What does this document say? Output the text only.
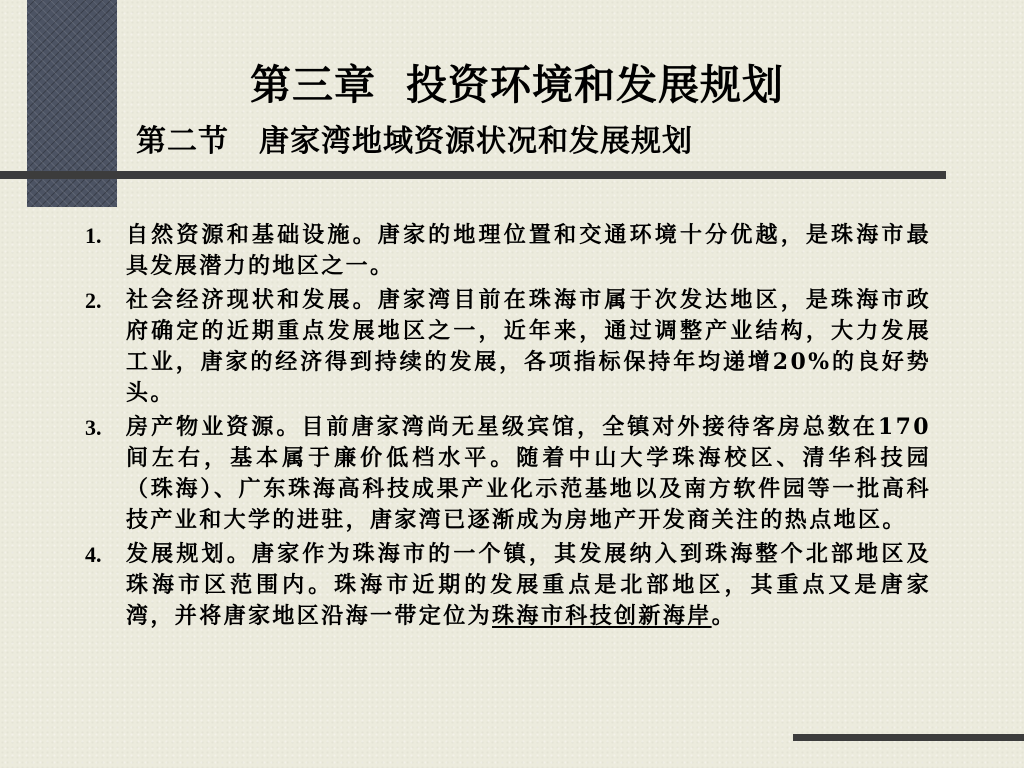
第三章 投资环境和发展规划
第二节 唐家湾地域资源状况和发展规划
1.	自然资源和基础设施。唐家的地理位置和交通环境十分优越，是珠海市最具发展潜力的地区之一。
2.	社会经济现状和发展。唐家湾目前在珠海市属于次发达地区，是珠海市政府确定的近期重点发展地区之一，近年来，通过调整产业结构，大力发展工业，唐家的经济得到持续的发展，各项指标保持年均递增20%的良好势头。
3.	房产物业资源。目前唐家湾尚无星级宾馆，全镇对外接待客房总数在170间左右，基本属于廉价低档水平。随着中山大学珠海校区、清华科技园（珠海）、广东珠海高科技成果产业化示范基地以及南方软件园等一批高科技产业和大学的进驻，唐家湾已逐渐成为房地产开发商关注的热点地区。
4.	发展规划。唐家作为珠海市的一个镇，其发展纳入到珠海整个北部地区及珠海市区范围内。珠海市近期的发展重点是北部地区，其重点又是唐家湾，并将唐家地区沿海一带定位为珠海市科技创新海岸。
